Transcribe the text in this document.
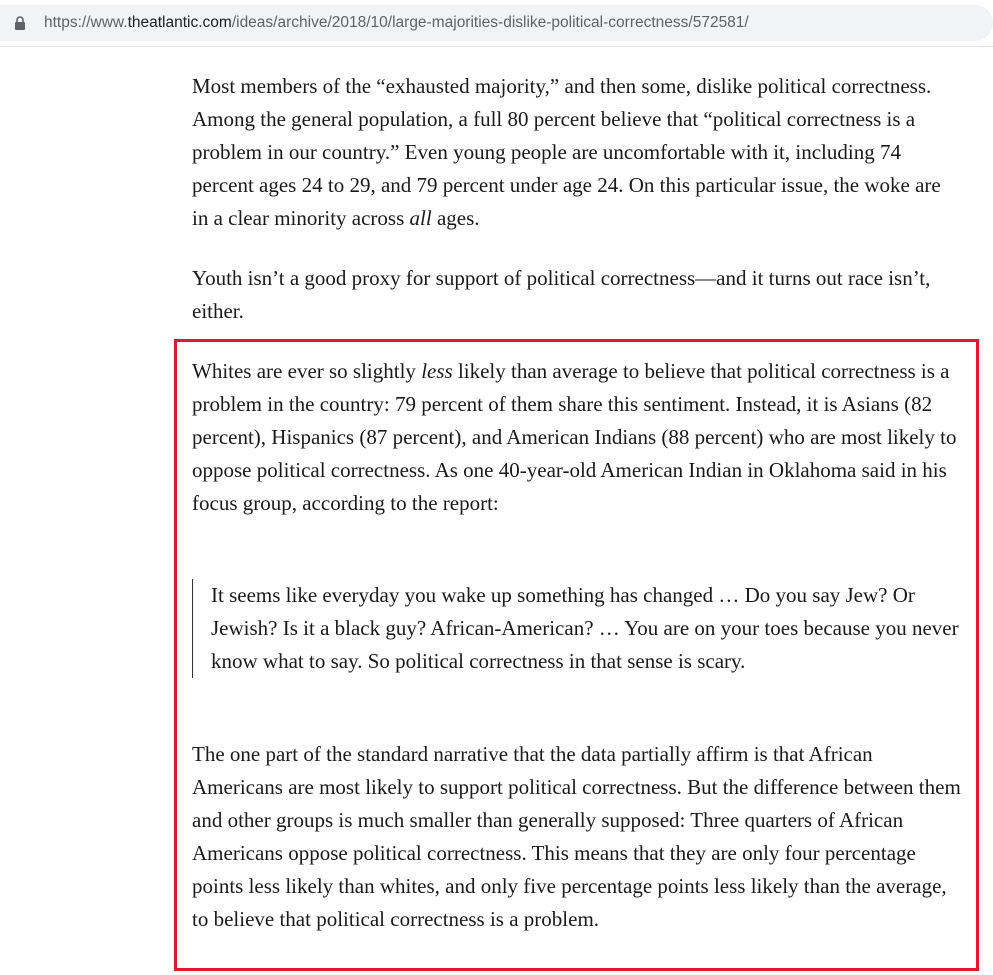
https://www.theatlantic.com/ideas/archive/2018/10/large-majorities-dislike-political-correctness/572581/
Most members of the “exhausted majority,” and then some, dislike political correctness. Among the general population, a full 80 percent believe that “political correctness is a problem in our country.” Even young people are uncomfortable with it, including 74 percent ages 24 to 29, and 79 percent under age 24. On this particular issue, the woke are in a clear minority across all ages.
Youth isn’t a good proxy for support of political correctness—and it turns out race isn’t, either.
Whites are ever so slightly less likely than average to believe that political correctness is a problem in the country: 79 percent of them share this sentiment. Instead, it is Asians (82 percent), Hispanics (87 percent), and American Indians (88 percent) who are most likely to oppose political correctness. As one 40-year-old American Indian in Oklahoma said in his focus group, according to the report:
It seems like everyday you wake up something has changed … Do you say Jew? Or Jewish? Is it a black guy? African-American? … You are on your toes because you never know what to say. So political correctness in that sense is scary.
The one part of the standard narrative that the data partially affirm is that African Americans are most likely to support political correctness. But the difference between them and other groups is much smaller than generally supposed: Three quarters of African Americans oppose political correctness. This means that they are only four percentage points less likely than whites, and only five percentage points less likely than the average, to believe that political correctness is a problem.
